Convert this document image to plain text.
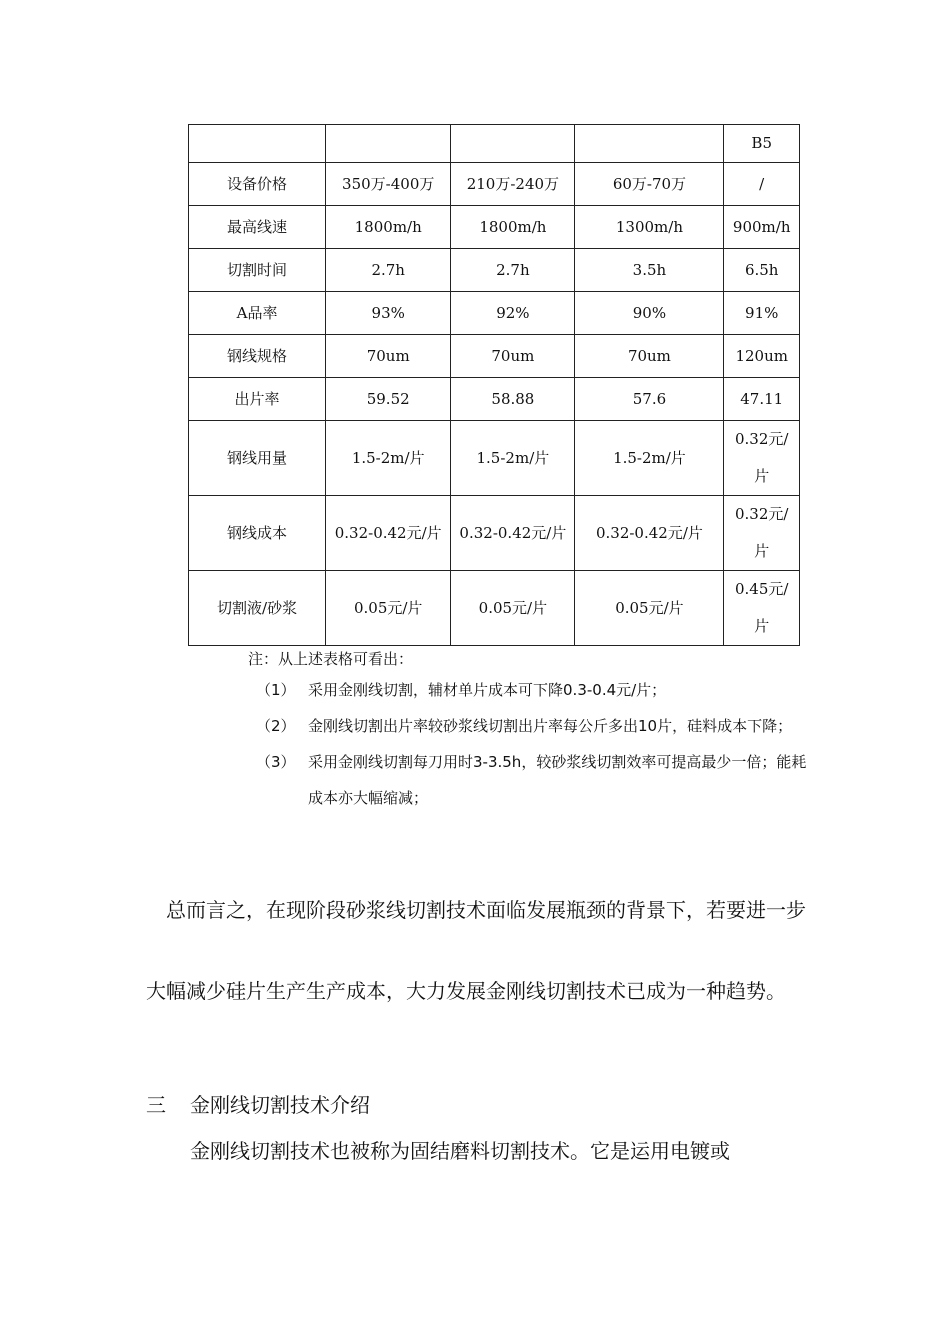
				B5
设备价格	350万-400万	210万-240万	60万-70万	/
最高线速	1800m/h	1800m/h	1300m/h	900m/h
切割时间	2.7h	2.7h	3.5h	6.5h
A品率	93%	92%	90%	91%
钢线规格	70um	70um	70um	120um
出片率	59.52	58.88	57.6	47.11
钢线用量	1.5-2m/片	1.5-2m/片	1.5-2m/片	0.32元/片
钢线成本	0.32-0.42元/片	0.32-0.42元/片	0.32-0.42元/片	0.32元/片
切割液/砂浆	0.05元/片	0.05元/片	0.05元/片	0.45元/片
注：从上述表格可看出：
（1） 采用金刚线切割，辅材单片成本可下降0.3-0.4元/片；
（2） 金刚线切割出片率较砂浆线切割出片率每公斤多出10片，硅料成本下降；
（3） 采用金刚线切割每刀用时3-3.5h，较砂浆线切割效率可提高最少一倍；能耗成本亦大幅缩减；

总而言之，在现阶段砂浆线切割技术面临发展瓶颈的背景下，若要进一步大幅减少硅片生产生产成本，大力发展金刚线切割技术已成为一种趋势。

三 金刚线切割技术介绍

金刚线切割技术也被称为固结磨料切割技术。它是运用电镀或
